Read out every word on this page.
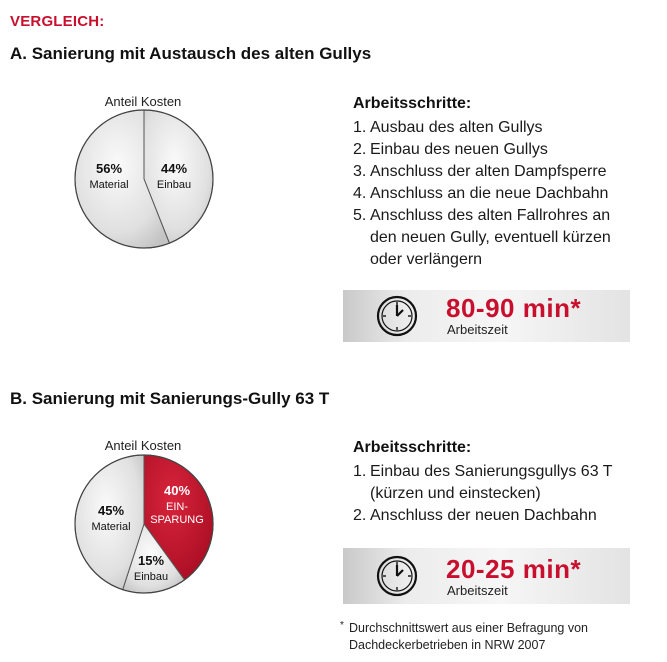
VERGLEICH:
A. Sanierung mit Austausch des alten Gullys
Anteil Kosten
44%
Einbau
56%
Material
Arbeitsschritte:
1. Ausbau des alten Gullys
2. Einbau des neuen Gullys
3. Anschluss der alten Dampfsperre
4. Anschluss an die neue Dachbahn
5. Anschluss des alten Fallrohres an
den neuen Gully, eventuell kürzen
oder verlängern
80-90 min*
Arbeitszeit
B. Sanierung mit Sanierungs-Gully 63 T
Anteil Kosten
40%
EIN-
SPARUNG
15%
Einbau
45%
Material
Arbeitsschritte:
1. Einbau des Sanierungsgullys 63 T
(kürzen und einstecken)
2. Anschluss der neuen Dachbahn
20-25 min*
Arbeitszeit
* Durchschnittswert aus einer Befragung von
Dachdeckerbetrieben in NRW 2007
